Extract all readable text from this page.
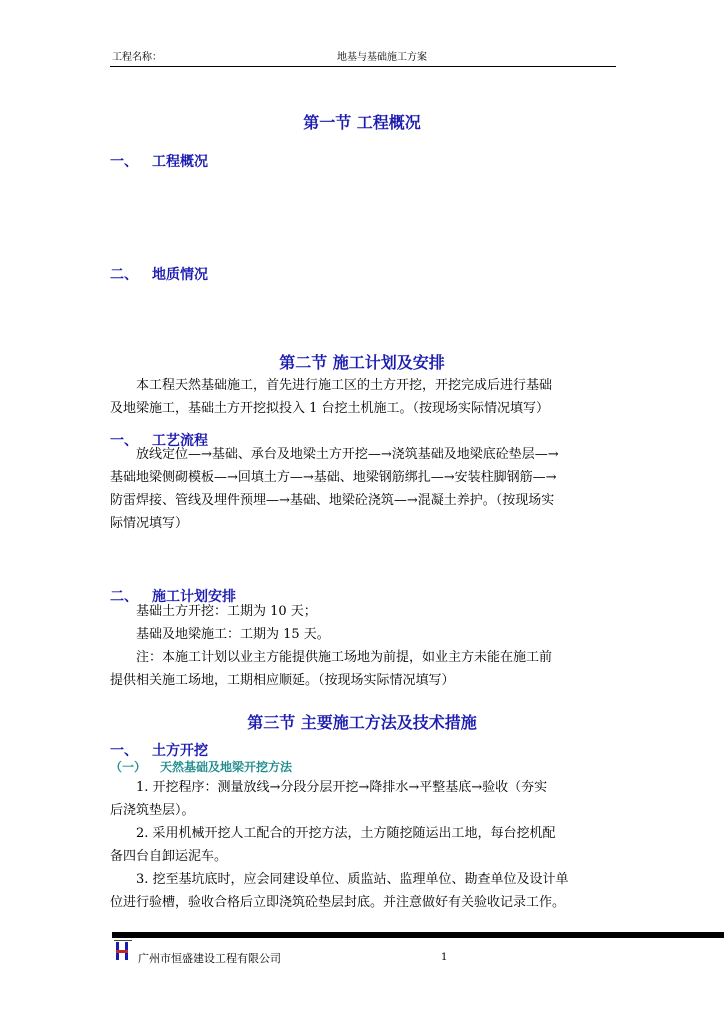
工程名称：	地基与基础施工方案
第一节 工程概况
一、 工程概况
二、 地质情况
第二节 施工计划及安排
　　本工程天然基础施工，首先进行施工区的土方开挖，开挖完成后进行基础
及地梁施工，基础土方开挖拟投入 1 台挖土机施工。（按现场实际情况填写）
一、 工艺流程
　　放线定位—→基础、承台及地梁土方开挖—→浇筑基础及地梁底砼垫层—→
基础地梁侧砌模板—→回填土方—→基础、地梁钢筋绑扎—→安装柱脚钢筋—→
防雷焊接、管线及埋件预埋—→基础、地梁砼浇筑—→混凝土养护。（按现场实
际情况填写）
二、 施工计划安排
　　基础土方开挖：工期为 10 天；
　　基础及地梁施工：工期为 15 天。
　　注：本施工计划以业主方能提供施工场地为前提，如业主方未能在施工前
提供相关施工场地，工期相应顺延。（按现场实际情况填写）
第三节 主要施工方法及技术措施
一、 土方开挖
（一） 天然基础及地梁开挖方法
　　1. 开挖程序：测量放线→分段分层开挖→降排水→平整基底→验收（夯实
后浇筑垫层）。
　　2. 采用机械开挖人工配合的开挖方法，土方随挖随运出工地，每台挖机配
备四台自卸运泥车。
　　3. 挖至基坑底时，应会同建设单位、质监站、监理单位、勘查单位及设计单
位进行验槽，验收合格后立即浇筑砼垫层封底。并注意做好有关验收记录工作。
广州市恒盛建设工程有限公司	1
